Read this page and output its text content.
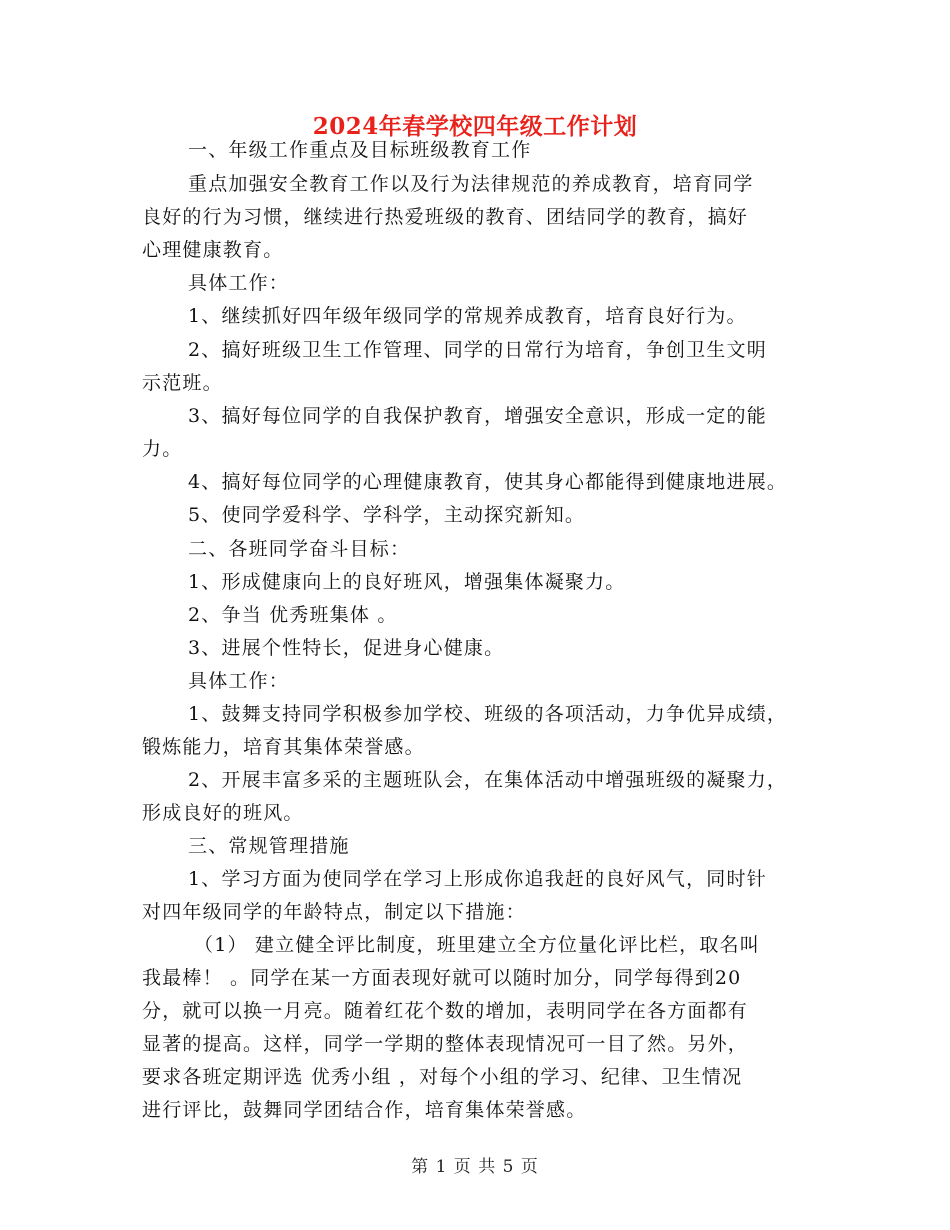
2024年春学校四年级工作计划
一、年级工作重点及目标班级教育工作
重点加强安全教育工作以及行为法律规范的养成教育，培育同学
良好的行为习惯，继续进行热爱班级的教育、团结同学的教育，搞好
心理健康教育。
具体工作：
1、继续抓好四年级年级同学的常规养成教育，培育良好行为。
2、搞好班级卫生工作管理、同学的日常行为培育，争创卫生文明
示范班。
3、搞好每位同学的自我保护教育，增强安全意识，形成一定的能
力。
4、搞好每位同学的心理健康教育，使其身心都能得到健康地进展。
5、使同学爱科学、学科学，主动探究新知。
二、各班同学奋斗目标：
1、形成健康向上的良好班风，增强集体凝聚力。
2、争当 优秀班集体 。
3、进展个性特长，促进身心健康。
具体工作：
1、鼓舞支持同学积极参加学校、班级的各项活动，力争优异成绩，
锻炼能力，培育其集体荣誉感。
2、开展丰富多采的主题班队会，在集体活动中增强班级的凝聚力，
形成良好的班风。
三、常规管理措施
1、学习方面为使同学在学习上形成你追我赶的良好风气，同时针
对四年级同学的年龄特点，制定以下措施：
（1） 建立健全评比制度，班里建立全方位量化评比栏，取名叫
我最棒！ 。同学在某一方面表现好就可以随时加分，同学每得到20
分，就可以换一月亮。随着红花个数的增加，表明同学在各方面都有
显著的提高。这样，同学一学期的整体表现情况可一目了然。另外，
要求各班定期评选 优秀小组 ，对每个小组的学习、纪律、卫生情况
进行评比，鼓舞同学团结合作，培育集体荣誉感。
第 1 页 共 5 页
